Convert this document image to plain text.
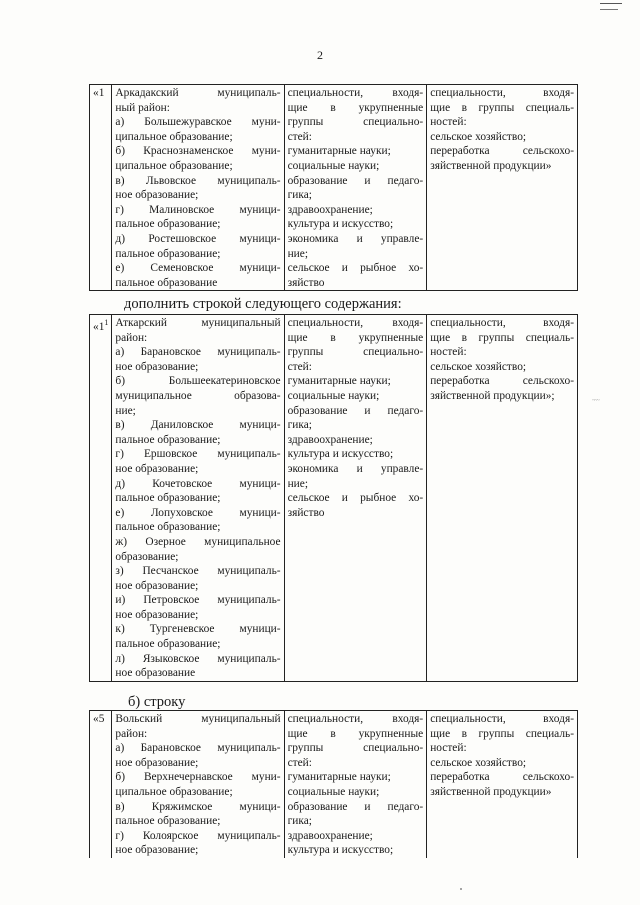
2
«1	Аркадакский муниципаль-
ный район:
а) Большежуравское муни-
ципальное образование;
б) Краснознаменское муни-
ципальное образование;
в) Львовское муниципаль-
ное образование;
г) Малиновское муници-
пальное образование;
д) Ростешовское муници-
пальное образование;
е) Семеновское муници-
пальное образование

специальности, входя-
щие в укрупненные
группы специально-
стей:
гуманитарные науки;
социальные науки;
образование и педаго-
гика;
здравоохранение;
культура и искусство;
экономика и управле-
ние;
сельское и рыбное хо-
зяйство

специальности, входя-
щие в группы специаль-
ностей:
сельское хозяйство;
переработка сельскохо-
зяйственной продукции»
дополнить строкой следующего содержания:
«$1^1$	Аткарский муниципальный
район:
а) Барановское муниципаль-
ное образование;
б) Большеекатериновское
муниципальное образова-
ние;
в) Даниловское муници-
пальное образование;
г) Ершовское муниципаль-
ное образование;
д) Кочетовское муници-
пальное образование;
е) Лопуховское муници-
пальное образование;
ж) Озерное муниципальное
образование;
з) Песчанское муниципаль-
ное образование;
и) Петровское муниципаль-
ное образование;
к) Тургеневское муници-
пальное образование;
л) Языковское муниципаль-
ное образование

специальности, входя-
щие в укрупненные
группы специально-
стей:
гуманитарные науки;
социальные науки;
образование и педаго-
гика;
здравоохранение;
культура и искусство;
экономика и управле-
ние;
сельское и рыбное хо-
зяйство

специальности, входя-
щие в группы специаль-
ностей:
сельское хозяйство;
переработка сельскохо-
зяйственной продукции»;
б) строку
«5	Вольский муниципальный
район:
а) Барановское муниципаль-
ное образование;
б) Верхнечернавское муни-
ципальное образование;
в) Кряжимское муници-
пальное образование;
г) Колоярское муниципаль-
ное образование;

специальности, входя-
щие в укрупненные
группы специально-
стей:
гуманитарные науки;
социальные науки;
образование и педаго-
гика;
здравоохранение;
культура и искусство;

специальности, входя-
щие в группы специаль-
ностей:
сельское хозяйство;
переработка сельскохо-
зяйственной продукции»
~~~
